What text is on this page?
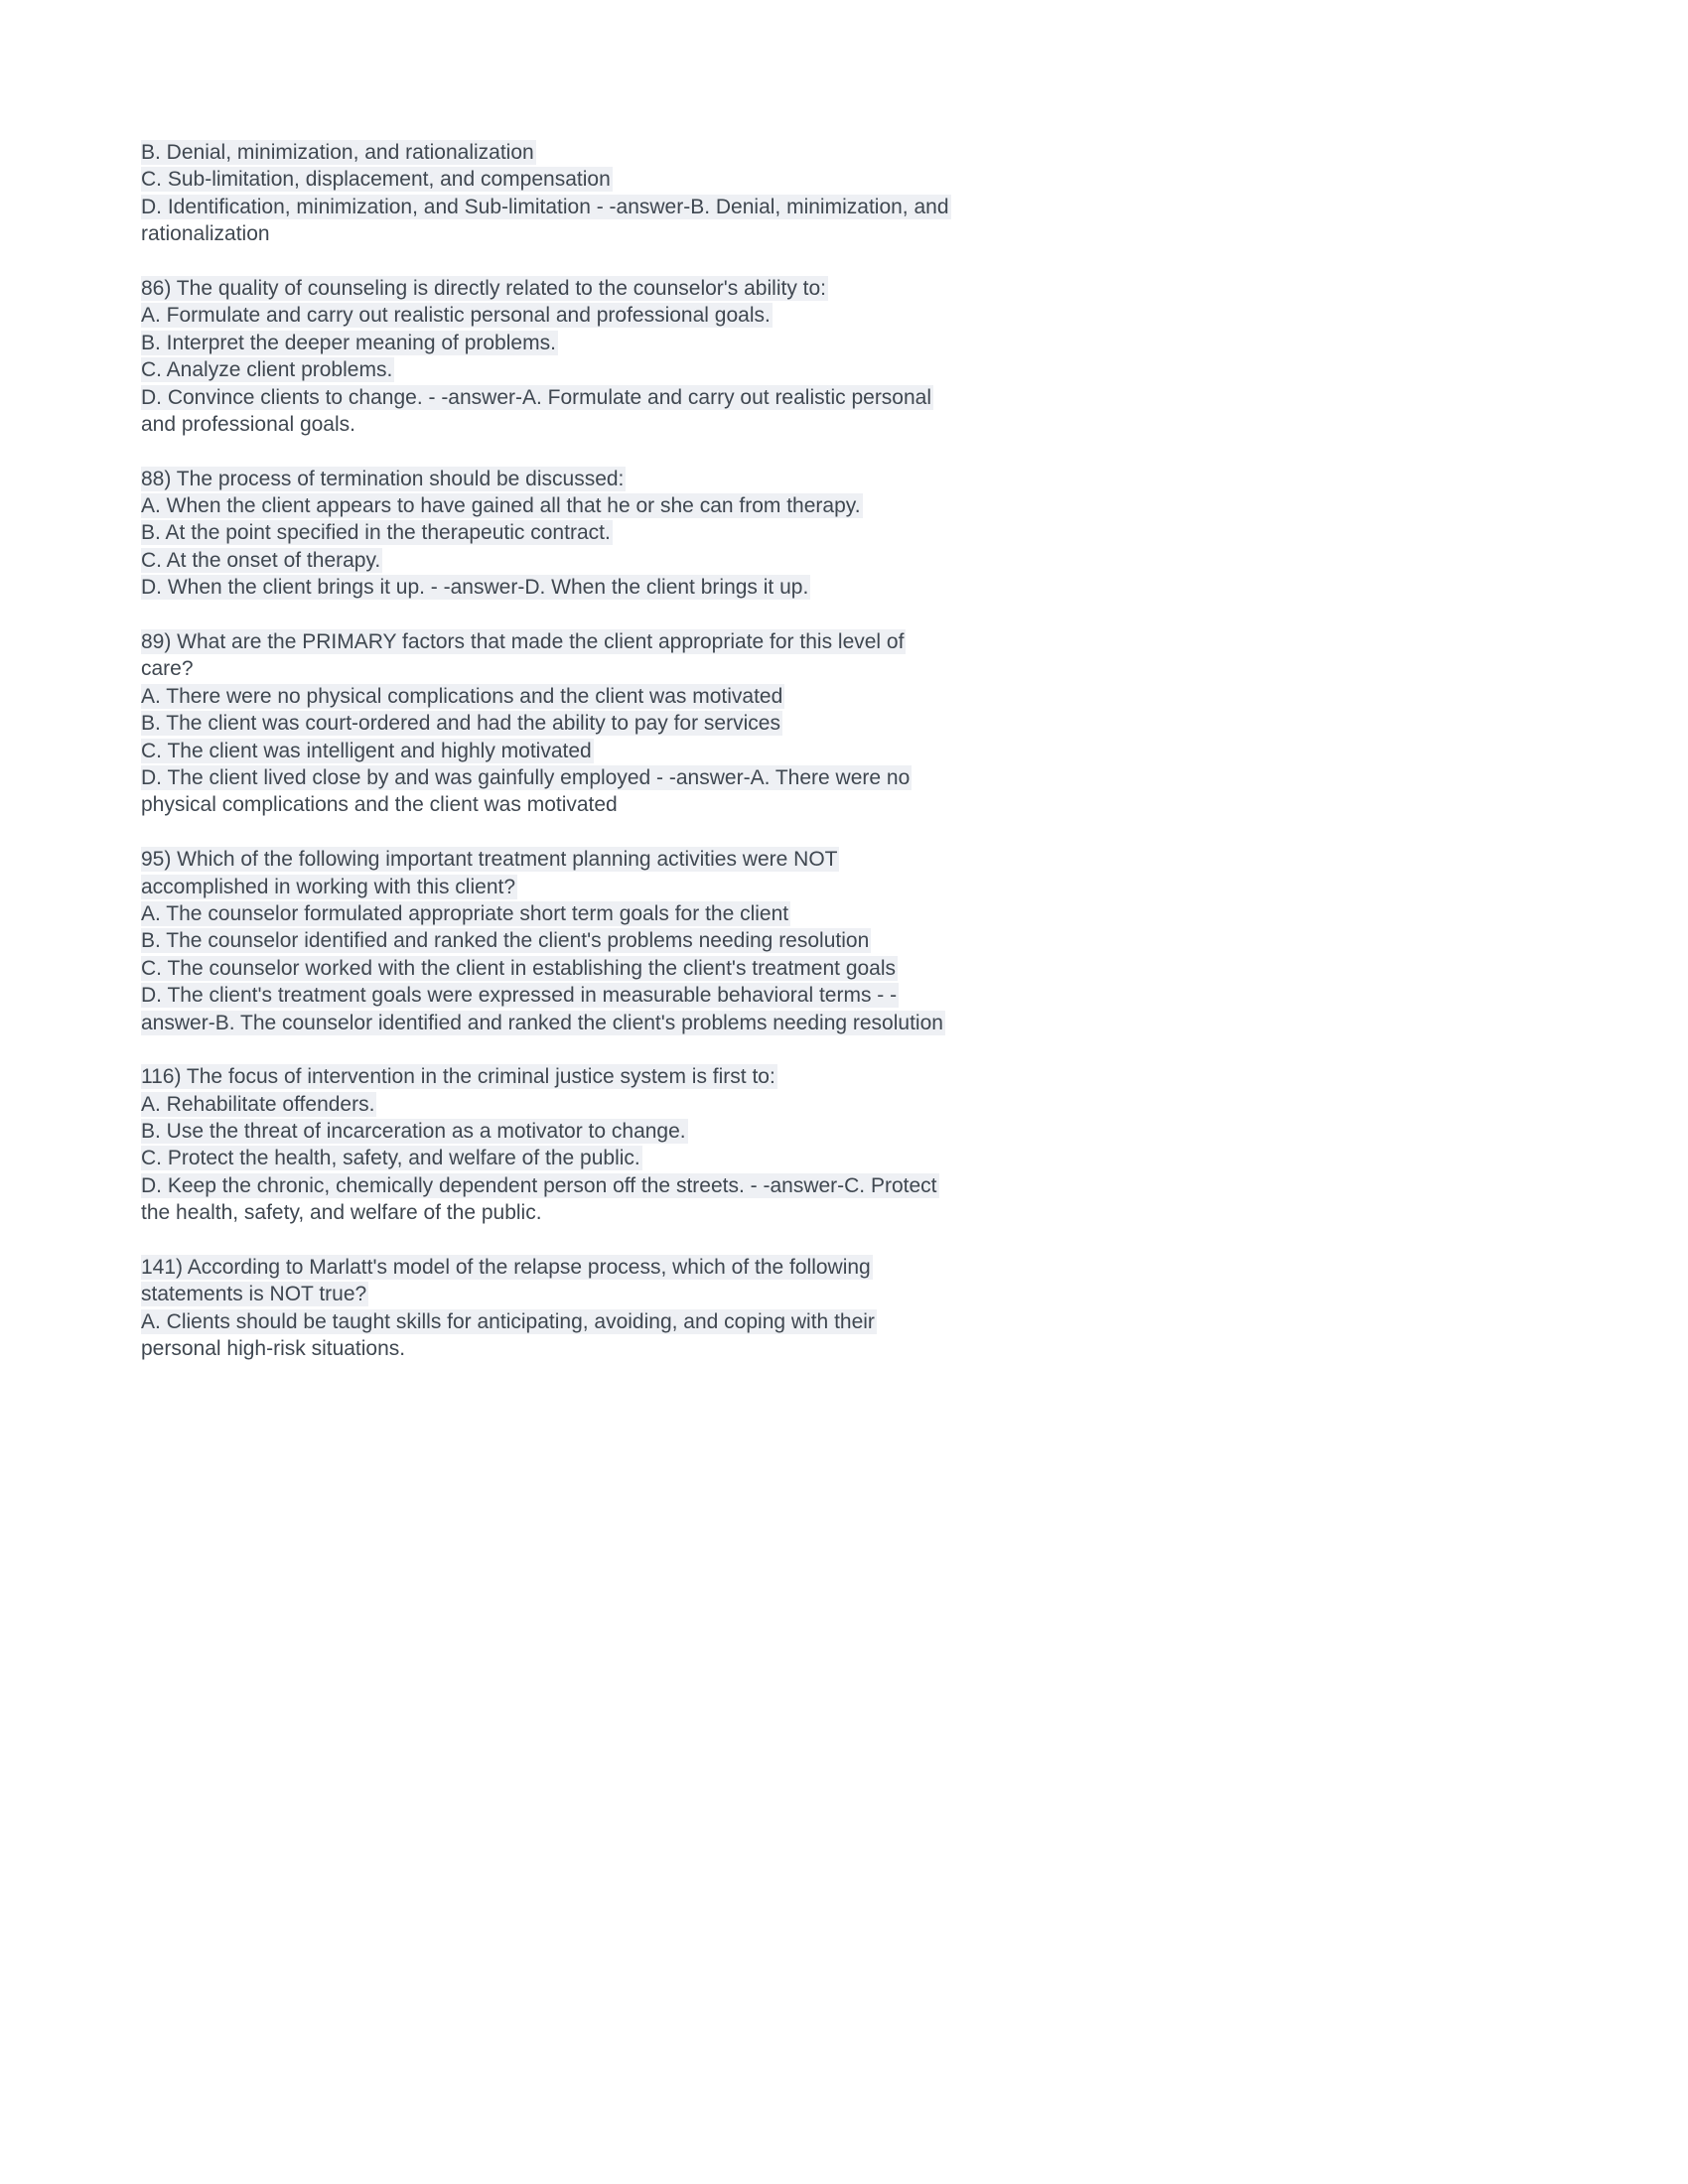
B. Denial, minimization, and rationalization
C. Sub-limitation, displacement, and compensation
D. Identification, minimization, and Sub-limitation - -answer-B. Denial, minimization, and
rationalization
86) The quality of counseling is directly related to the counselor's ability to:
A. Formulate and carry out realistic personal and professional goals.
B. Interpret the deeper meaning of problems.
C. Analyze client problems.
D. Convince clients to change. - -answer-A. Formulate and carry out realistic personal
and professional goals.
88) The process of termination should be discussed:
A. When the client appears to have gained all that he or she can from therapy.
B. At the point specified in the therapeutic contract.
C. At the onset of therapy.
D. When the client brings it up. - -answer-D. When the client brings it up.
89) What are the PRIMARY factors that made the client appropriate for this level of
care?
A. There were no physical complications and the client was motivated
B. The client was court-ordered and had the ability to pay for services
C. The client was intelligent and highly motivated
D. The client lived close by and was gainfully employed - -answer-A. There were no
physical complications and the client was motivated
95) Which of the following important treatment planning activities were NOT
accomplished in working with this client?
A. The counselor formulated appropriate short term goals for the client
B. The counselor identified and ranked the client's problems needing resolution
C. The counselor worked with the client in establishing the client's treatment goals
D. The client's treatment goals were expressed in measurable behavioral terms - -
answer-B. The counselor identified and ranked the client's problems needing resolution
116) The focus of intervention in the criminal justice system is first to:
A. Rehabilitate offenders.
B. Use the threat of incarceration as a motivator to change.
C. Protect the health, safety, and welfare of the public.
D. Keep the chronic, chemically dependent person off the streets. - -answer-C. Protect
the health, safety, and welfare of the public.
141) According to Marlatt's model of the relapse process, which of the following
statements is NOT true?
A. Clients should be taught skills for anticipating, avoiding, and coping with their
personal high-risk situations.
